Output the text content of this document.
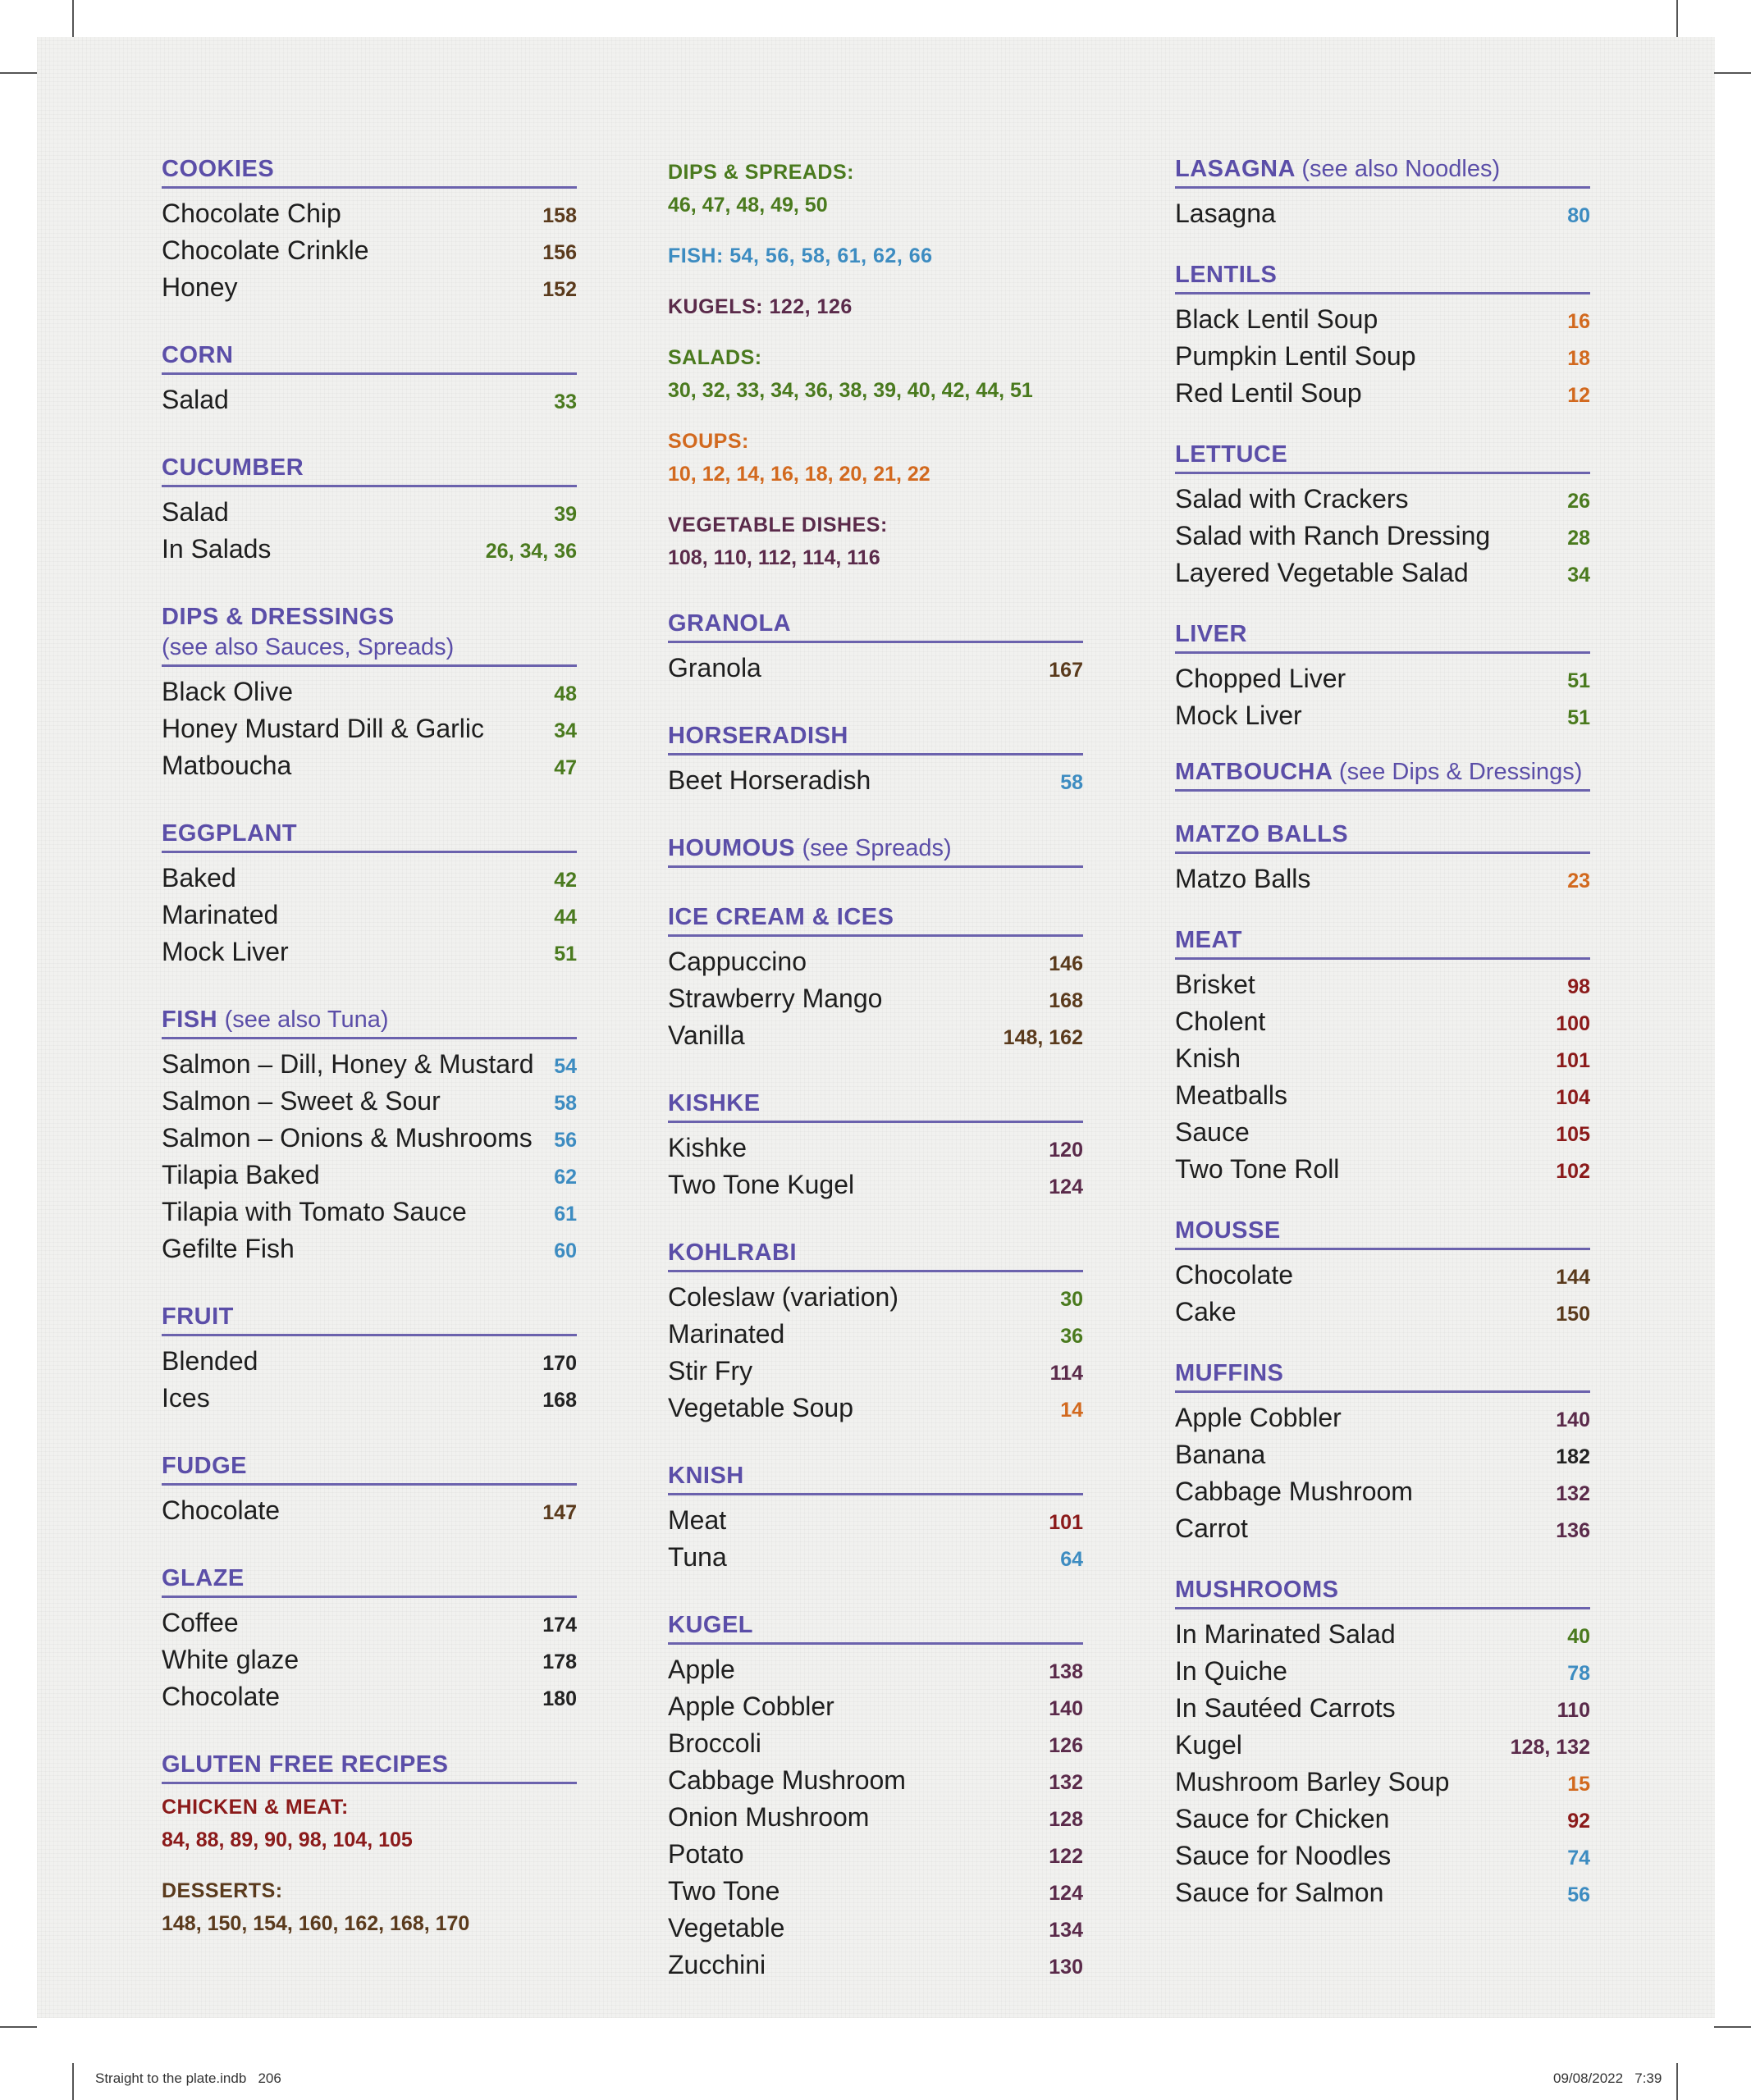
COOKIES
Chocolate Chip	158
Chocolate Crinkle	156
Honey	152
CORN
Salad	33
CUCUMBER
Salad	39
In Salads	26, 34, 36
DIPS & DRESSINGS
(see also Sauces, Spreads)
Black Olive	48
Honey Mustard Dill & Garlic	34
Matboucha	47
EGGPLANT
Baked	42
Marinated	44
Mock Liver	51
FISH (see also Tuna)
Salmon – Dill, Honey & Mustard 54
Salmon – Sweet & Sour	58
Salmon – Onions & Mushrooms 56
Tilapia Baked	62
Tilapia with Tomato Sauce	61
Gefilte Fish	60
FRUIT
Blended	170
Ices	168
FUDGE
Chocolate	147
GLAZE
Coffee	174
White glaze	178
Chocolate	180
GLUTEN FREE RECIPES
CHICKEN & MEAT:
84, 88, 89, 90, 98, 104, 105
DESSERTS:
148, 150, 154, 160, 162, 168, 170
DIPS & SPREADS:
46, 47, 48, 49, 50
FISH: 54, 56, 58, 61, 62, 66
KUGELS: 122, 126
SALADS:
30, 32, 33, 34, 36, 38, 39, 40, 42, 44, 51
SOUPS:
10, 12, 14, 16, 18, 20, 21, 22
VEGETABLE DISHES:
108, 110, 112, 114, 116
GRANOLA
Granola	167
HORSERADISH
Beet Horseradish	58
HOUMOUS (see Spreads)
ICE CREAM & ICES
Cappuccino	146
Strawberry Mango	168
Vanilla	148, 162
KISHKE
Kishke	120
Two Tone Kugel	124
KOHLRABI
Coleslaw (variation)	30
Marinated	36
Stir Fry	114
Vegetable Soup	14
KNISH
Meat	101
Tuna	64
KUGEL
Apple	138
Apple Cobbler	140
Broccoli	126
Cabbage Mushroom	132
Onion Mushroom	128
Potato	122
Two Tone	124
Vegetable	134
Zucchini	130
LASAGNA (see also Noodles)
Lasagna	80
LENTILS
Black Lentil Soup	16
Pumpkin Lentil Soup	18
Red Lentil Soup	12
LETTUCE
Salad with Crackers	26
Salad with Ranch Dressing	28
Layered Vegetable Salad	34
LIVER
Chopped Liver	51
Mock Liver	51
MATBOUCHA (see Dips & Dressings)
MATZO BALLS
Matzo Balls	23
MEAT
Brisket	98
Cholent	100
Knish	101
Meatballs	104
Sauce	105
Two Tone Roll	102
MOUSSE
Chocolate	144
Cake	150
MUFFINS
Apple Cobbler	140
Banana	182
Cabbage Mushroom	132
Carrot	136
MUSHROOMS
In Marinated Salad	40
In Quiche	78
In Sautéed Carrots	110
Kugel	128, 132
Mushroom Barley Soup	15
Sauce for Chicken	92
Sauce for Noodles	74
Sauce for Salmon	56
Straight to the plate.indb   206	09/08/2022   7:39
